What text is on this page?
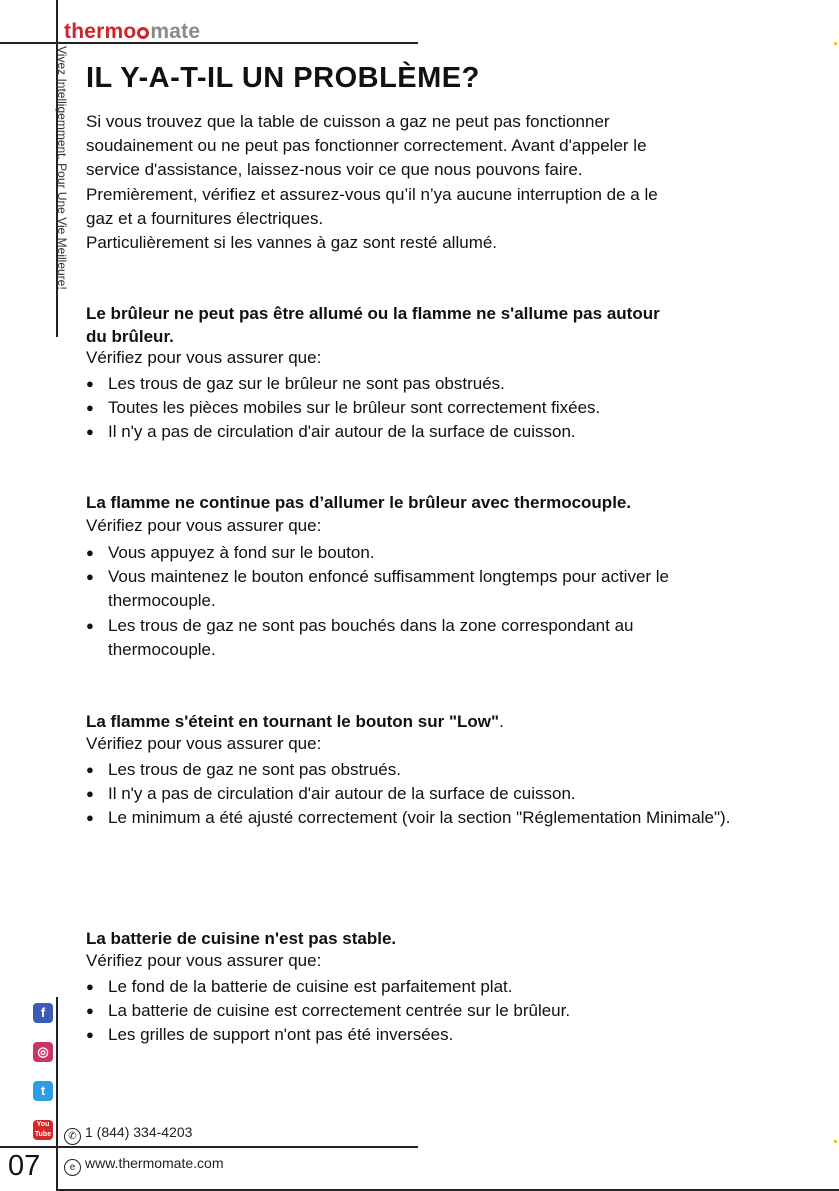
thermo mate
Vivez Intelligemment, Pour Une Vie Meilleure! IL Y-A-T-IL UN PROBLÈME?
Si vous trouvez que la table de cuisson a gaz ne peut pas fonctionner
soudainement ou ne peut pas fonctionner correctement. Avant d'appeler le
service d'assistance, laissez-nous voir ce que nous pouvons faire.
Premièrement, vérifiez et assurez-vous qu’il n’ya aucune interruption de a le
gaz et a fournitures électriques.
Particulièrement si les vannes à gaz sont resté allumé.
Le brûleur ne peut pas être allumé ou la flamme ne s'allume pas autour
du brûleur.
Vérifiez pour vous assurer que:
● Les trous de gaz sur le brûleur ne sont pas obstrués.
● Toutes les pièces mobiles sur le brûleur sont correctement fixées.
● Il n'y a pas de circulation d'air autour de la surface de cuisson.
La flamme ne continue pas d’allumer le brûleur avec thermocouple.
Vérifiez pour vous assurer que:
● Vous appuyez à fond sur le bouton.
● Vous maintenez le bouton enfoncé suffisamment longtemps pour activer le thermocouple.
● Les trous de gaz ne sont pas bouchés dans la zone correspondant au thermocouple.
La flamme s'éteint en tournant le bouton sur "Low".
Vérifiez pour vous assurer que:
● Les trous de gaz ne sont pas obstrués.
● Il n'y a pas de circulation d'air autour de la surface de cuisson.
● Le minimum a été ajusté correctement (voir la section "Réglementation Minimale").
La batterie de cuisine n'est pas stable.
Vérifiez pour vous assurer que:
● Le fond de la batterie de cuisine est parfaitement plat.
● La batterie de cuisine est correctement centrée sur le brûleur.
● Les grilles de support n'ont pas été inversées.
f
◎
t
You Tube	✆ 1 (844) 334-4203
e www.thermomate.com
07
